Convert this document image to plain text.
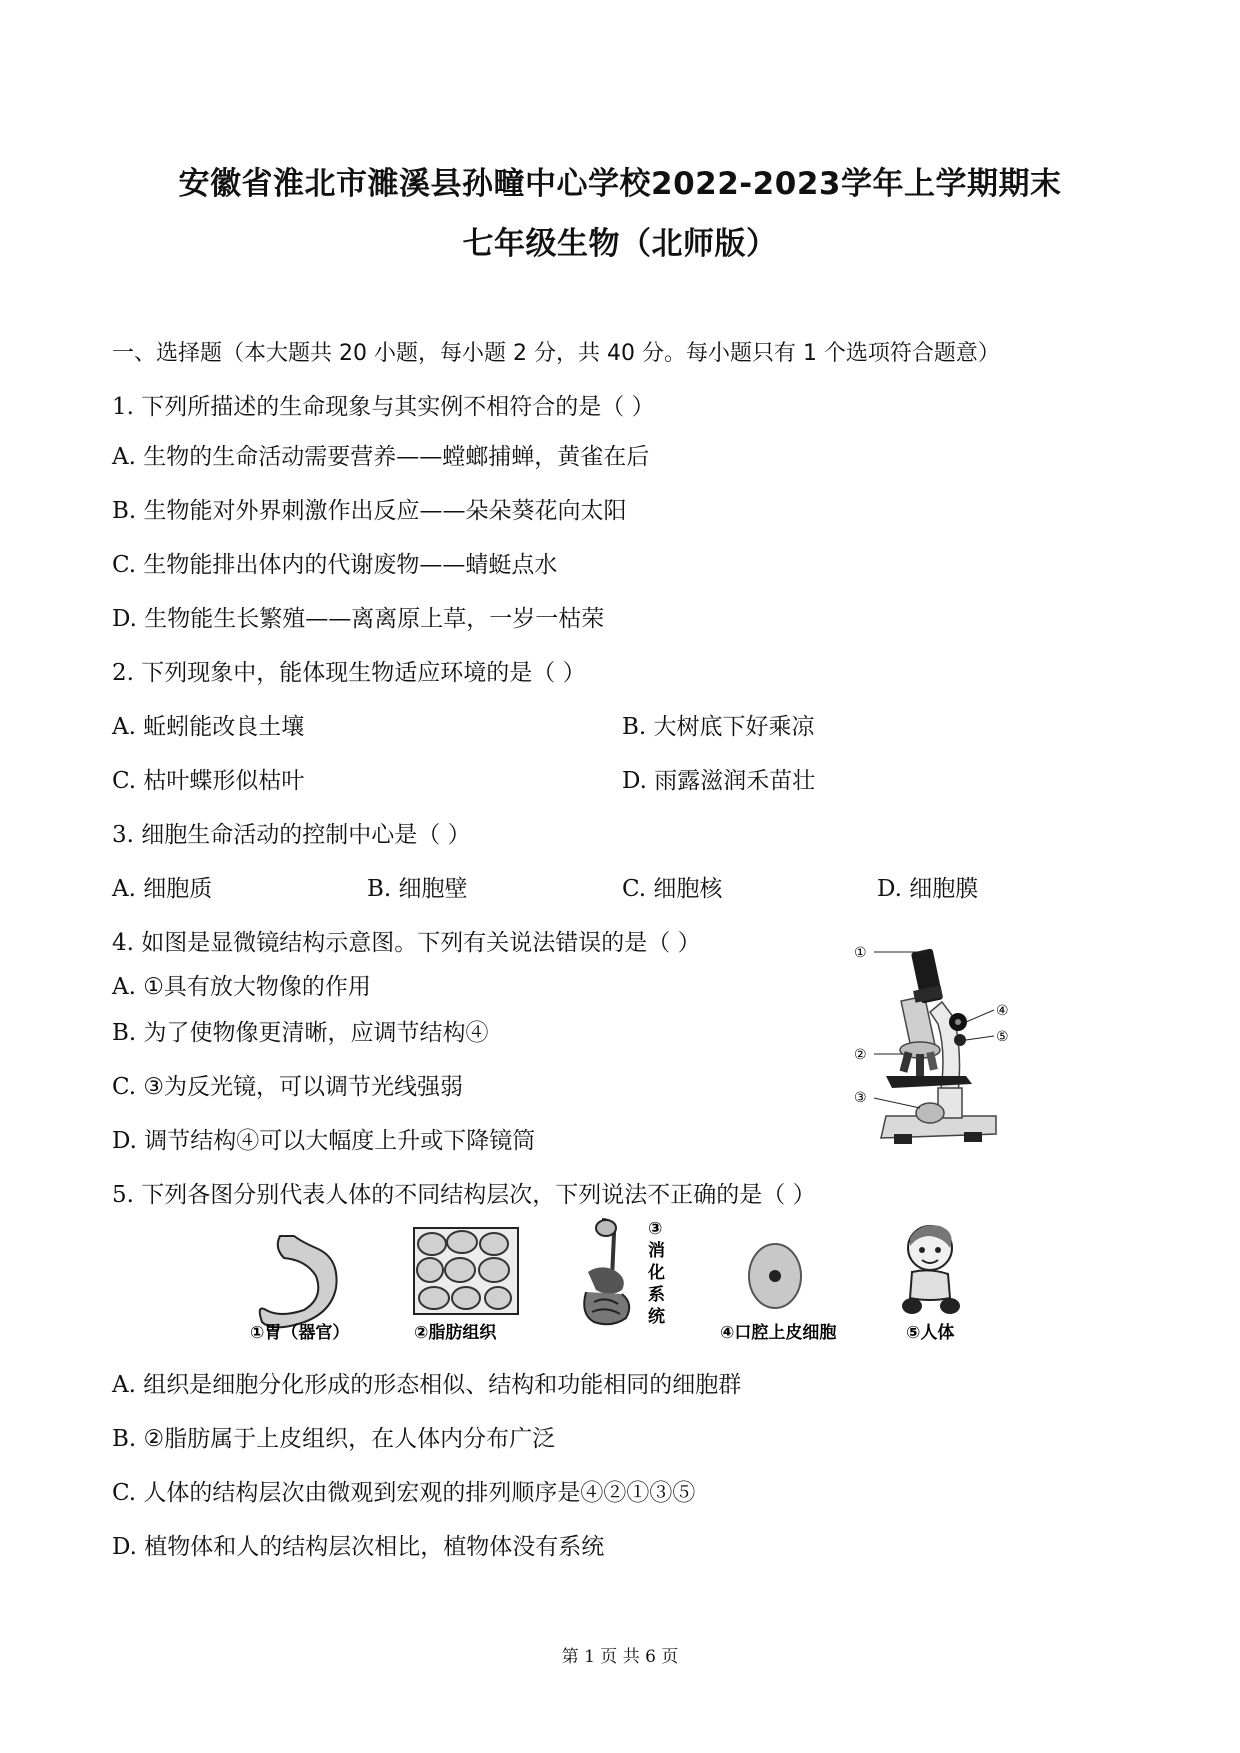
安徽省淮北市濉溪县孙疃中心学校2022-2023学年上学期期末
七年级生物（北师版）
一、选择题（本大题共 20 小题，每小题 2 分，共 40 分。每小题只有 1 个选项符合题意）
1. 下列所描述的生命现象与其实例不相符合的是（ ）
A. 生物的生命活动需要营养——螳螂捕蝉，黄雀在后
B. 生物能对外界刺激作出反应——朵朵葵花向太阳
C. 生物能排出体内的代谢废物——蜻蜓点水
D. 生物能生长繁殖——离离原上草，一岁一枯荣
2. 下列现象中，能体现生物适应环境的是（ ）
A. 蚯蚓能改良土壤	B. 大树底下好乘凉
C. 枯叶蝶形似枯叶	D. 雨露滋润禾苗壮
3. 细胞生命活动的控制中心是（ ）
A. 细胞质	B. 细胞壁	C. 细胞核	D. 细胞膜
4. 如图是显微镜结构示意图。下列有关说法错误的是（ ）
A. ①具有放大物像的作用
B. 为了使物像更清晰，应调节结构④
C. ③为反光镜，可以调节光线强弱
D. 调节结构④可以大幅度上升或下降镜筒
①
②
③
④
⑤
5. 下列各图分别代表人体的不同结构层次，下列说法不正确的是（ ）
①胃（器官）	②脂肪组织
③ 消 化 系 统
④口腔上皮细胞	⑤人体
A. 组织是细胞分化形成的形态相似、结构和功能相同的细胞群
B. ②脂肪属于上皮组织，在人体内分布广泛
C. 人体的结构层次由微观到宏观的排列顺序是④②①③⑤
D. 植物体和人的结构层次相比，植物体没有系统
第 1 页 共 6 页
